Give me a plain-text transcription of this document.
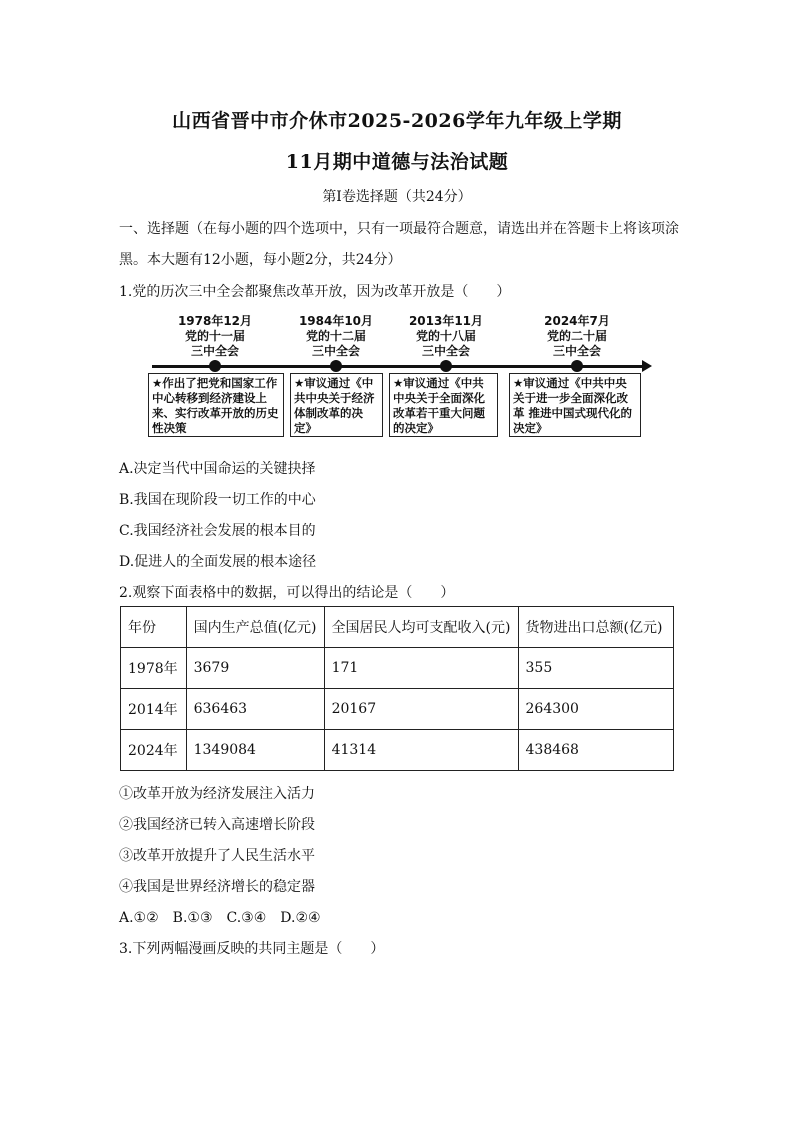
山西省晋中市介休市2025-2026学年九年级上学期
11月期中道德与法治试题
第I卷选择题（共24分）
一、选择题（在每小题的四个选项中，只有一项最符合题意，请选出并在答题卡上将该项涂
黑。本大题有12小题，每小题2分，共24分）
1.党的历次三中全会都聚焦改革开放，因为改革开放是（　　）
1978年12月
党的十一届
三中全会
1984年10月
党的十二届
三中全会
2013年11月
党的十八届
三中全会
2024年7月
党的二十届
三中全会
★作出了把党和国家工作中心转移到经济建设上来、实行改革开放的历史性决策
★审议通过《中共中央关于经济体制改革的决定》
★审议通过《中共中央关于全面深化改革若干重大问题的决定》
★审议通过《中共中央关于进一步全面深化改革 推进中国式现代化的决定》
A.决定当代中国命运的关键抉择
B.我国在现阶段一切工作的中心
C.我国经济社会发展的根本目的
D.促进人的全面发展的根本途径
2.观察下面表格中的数据，可以得出的结论是（　　）
年份	国内生产总值(亿元)	全国居民人均可支配收入(元)	货物进出口总额(亿元)
1978年	3679	171	355
2014年	636463	20167	264300
2024年	1349084	41314	438468
①改革开放为经济发展注入活力
②我国经济已转入高速增长阶段
③改革开放提升了人民生活水平
④我国是世界经济增长的稳定器
A.①②　B.①③　C.③④　D.②④
3.下列两幅漫画反映的共同主题是（　　）
